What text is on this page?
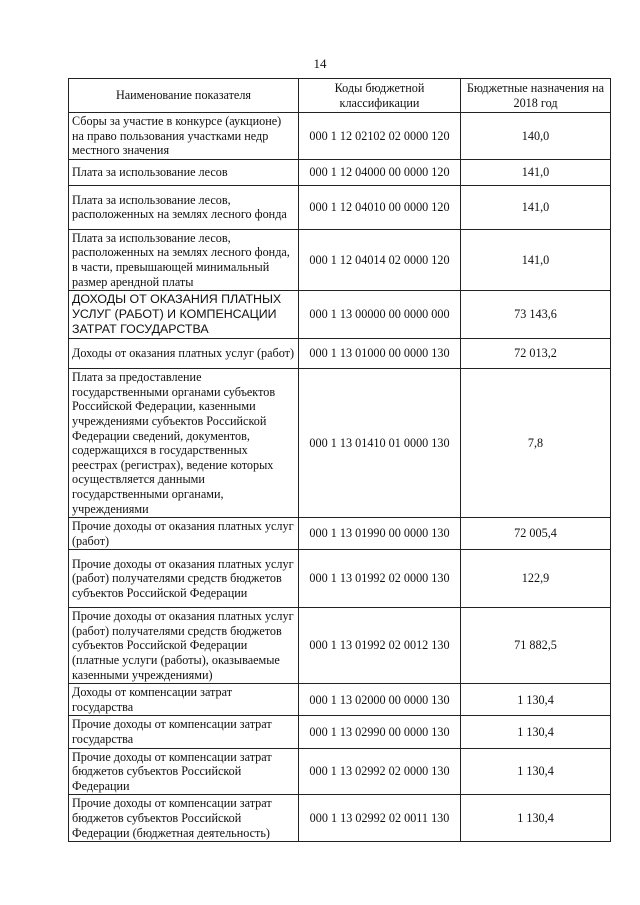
14
Наименование показателя	Коды бюджетной классификации	Бюджетные назначения на 2018 год
Сборы за участие в конкурсе (аукционе) на право пользования участками недр местного значения	000 1 12 02102 02 0000 120	140,0
Плата за использование лесов	000 1 12 04000 00 0000 120	141,0
Плата за использование лесов, расположенных на землях лесного фонда	000 1 12 04010 00 0000 120	141,0
Плата за использование лесов, расположенных на землях лесного фонда, в части, превышающей минимальный размер арендной платы	000 1 12 04014 02 0000 120	141,0
ДОХОДЫ ОТ ОКАЗАНИЯ ПЛАТНЫХ УСЛУГ (РАБОТ) И КОМПЕНСАЦИИ ЗАТРАТ ГОСУДАРСТВА	000 1 13 00000 00 0000 000	73 143,6
Доходы от оказания платных услуг (работ)	000 1 13 01000 00 0000 130	72 013,2
Плата за предоставление государственными органами субъектов Российской Федерации, казенными учреждениями субъектов Российской Федерации сведений, документов, содержащихся в государственных реестрах (регистрах), ведение которых осуществляется данными государственными органами, учреждениями	000 1 13 01410 01 0000 130	7,8
Прочие доходы от оказания платных услуг (работ)	000 1 13 01990 00 0000 130	72 005,4
Прочие доходы от оказания платных услуг (работ) получателями средств бюджетов субъектов Российской Федерации	000 1 13 01992 02 0000 130	122,9
Прочие доходы от оказания платных услуг (работ) получателями средств бюджетов субъектов Российской Федерации (платные услуги (работы), оказываемые казенными учреждениями)	000 1 13 01992 02 0012 130	71 882,5
Доходы от компенсации затрат государства	000 1 13 02000 00 0000 130	1 130,4
Прочие доходы от компенсации затрат государства	000 1 13 02990 00 0000 130	1 130,4
Прочие доходы от компенсации затрат бюджетов субъектов Российской Федерации	000 1 13 02992 02 0000 130	1 130,4
Прочие доходы от компенсации затрат бюджетов субъектов Российской Федерации (бюджетная деятельность)	000 1 13 02992 02 0011 130	1 130,4
